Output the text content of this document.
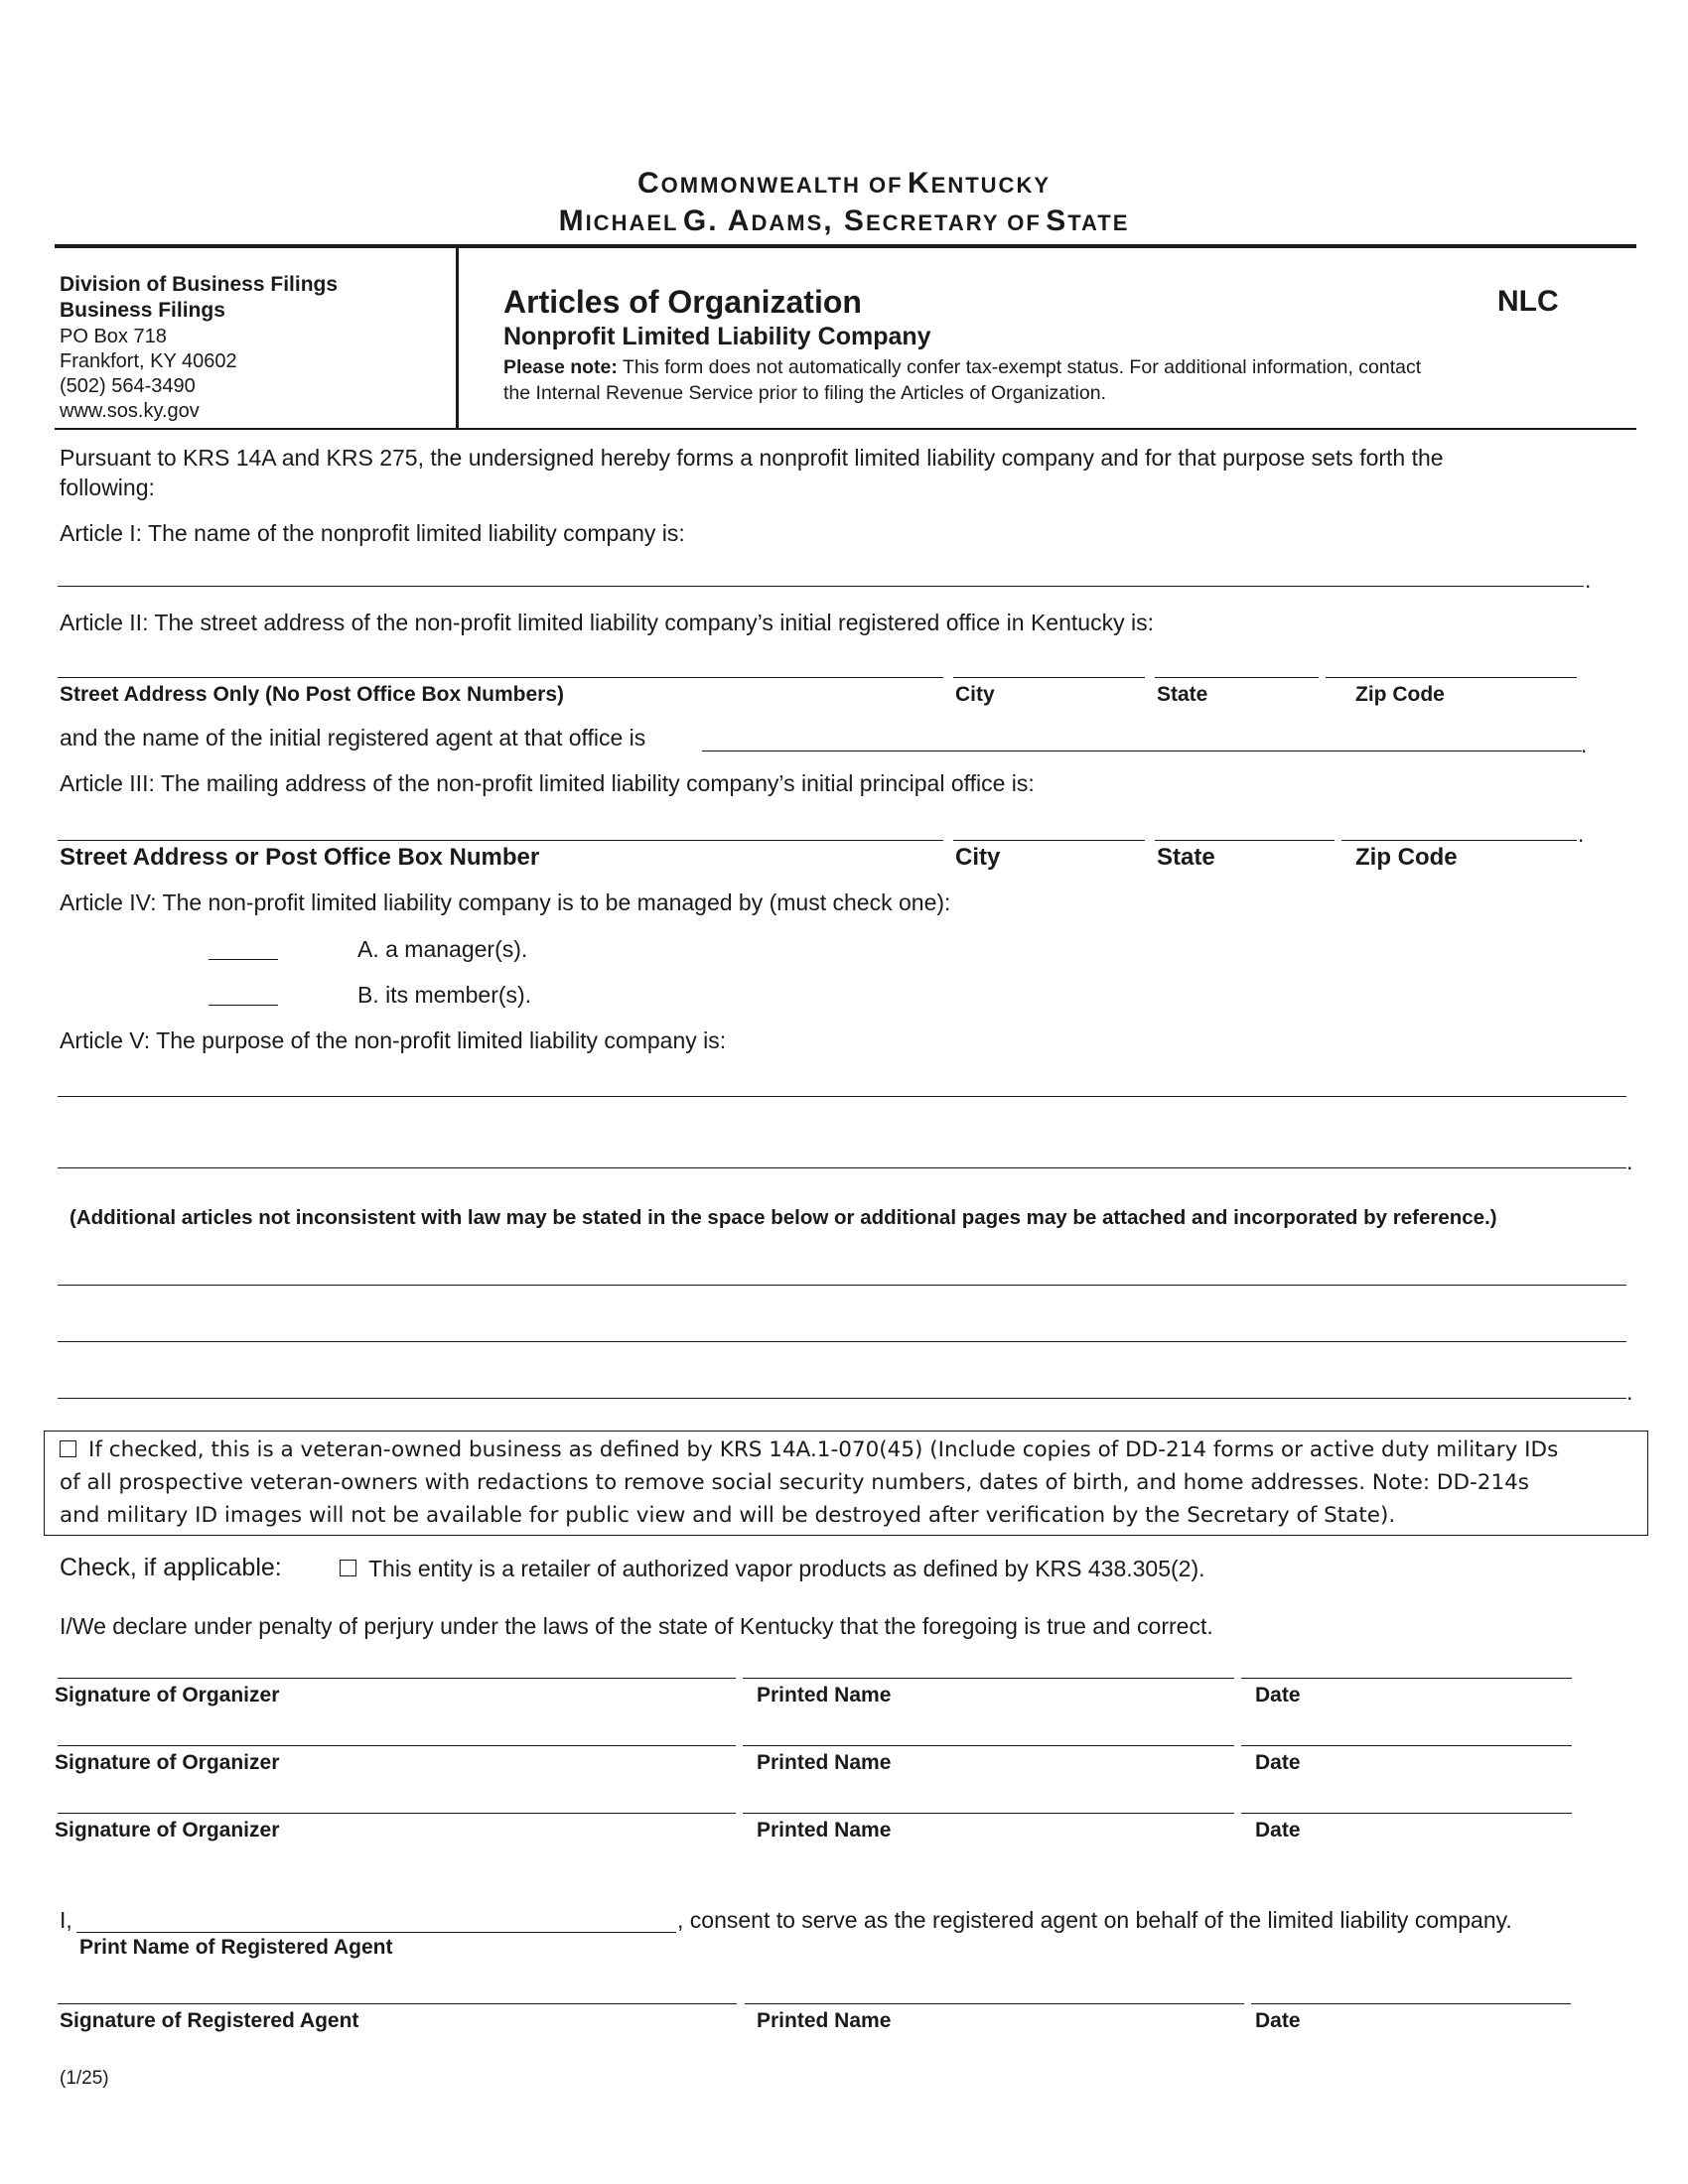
COMMONWEALTH OF KENTUCKY
MICHAEL G. ADAMS, SECRETARY OF STATE
Division of Business Filings
Business Filings
PO Box 718
Frankfort, KY 40602
(502) 564-3490
www.sos.ky.gov
Articles of Organization	NLC
Nonprofit Limited Liability Company
Please note: This form does not automatically confer tax-exempt status. For additional information, contact
the Internal Revenue Service prior to filing the Articles of Organization.
Pursuant to KRS 14A and KRS 275, the undersigned hereby forms a nonprofit limited liability company and for that purpose sets forth the
following:
Article I: The name of the nonprofit limited liability company is:
.
Article II: The street address of the non-profit limited liability company’s initial registered office in Kentucky is:
Street Address Only (No Post Office Box Numbers)	City	State	Zip Code
and the name of the initial registered agent at that office is	.
Article III: The mailing address of the non-profit limited liability company’s initial principal office is:
.
Street Address or Post Office Box Number	City	State	Zip Code
Article IV: The non-profit limited liability company is to be managed by (must check one):
A. a manager(s).
B. its member(s).
Article V: The purpose of the non-profit limited liability company is:
.
(Additional articles not inconsistent with law may be stated in the space below or additional pages may be attached and incorporated by reference.)
.
If checked, this is a veteran-owned business as defined by KRS 14A.1-070(45) (Include copies of DD-214 forms or active duty military IDs
of all prospective veteran-owners with redactions to remove social security numbers, dates of birth, and home addresses. Note: DD-214s
and military ID images will not be available for public view and will be destroyed after verification by the Secretary of State).
Check, if applicable:	This entity is a retailer of authorized vapor products as defined by KRS 438.305(2).
I/We declare under penalty of perjury under the laws of the state of Kentucky that the foregoing is true and correct.
Signature of Organizer	Printed Name	Date
Signature of Organizer	Printed Name	Date
Signature of Organizer	Printed Name	Date
I,	, consent to serve as the registered agent on behalf of the limited liability company.
Print Name of Registered Agent
Signature of Registered Agent	Printed Name	Date
(1/25)
